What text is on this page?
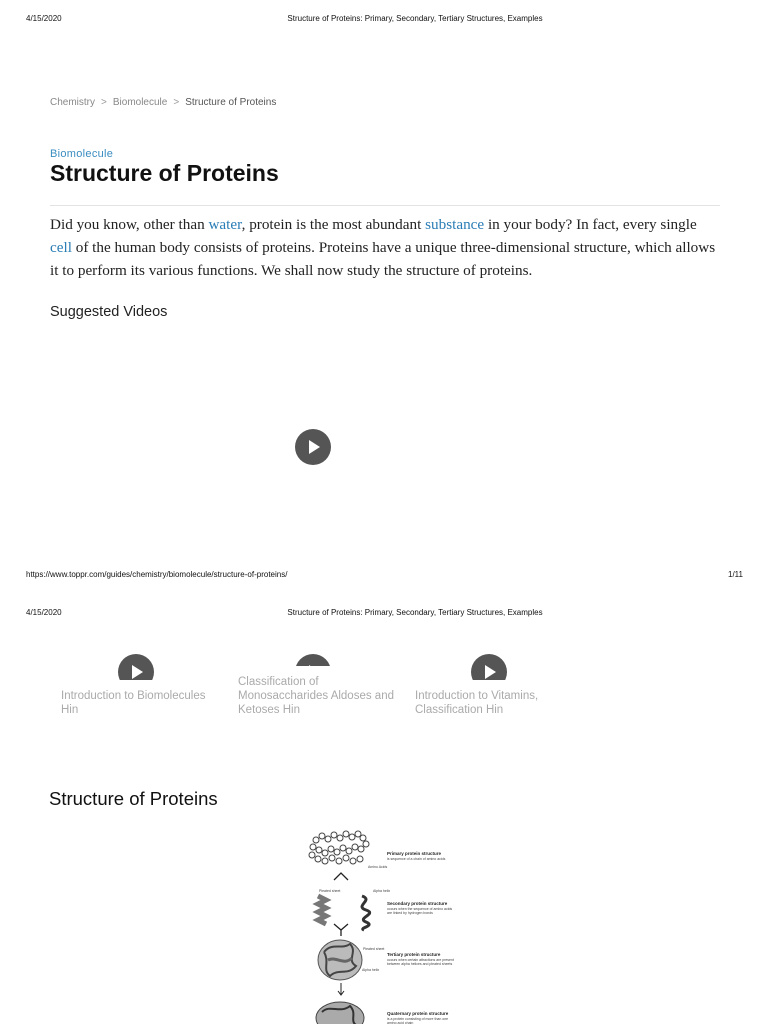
4/15/2020	Structure of Proteins: Primary, Secondary, Tertiary Structures, Examples
Chemistry > Biomolecule > Structure of Proteins
Biomolecule
Structure of Proteins

Did you know, other than water, protein is the most abundant substance in your body? In fact, every single cell of the human body consists of proteins. Proteins have a unique three-dimensional structure, which allows it to perform its various functions. We shall now study the structure of proteins.

Suggested Videos
https://www.toppr.com/guides/chemistry/biomolecule/structure-of-proteins/	1/11
4/15/2020	Structure of Proteins: Primary, Secondary, Tertiary Structures, Examples
Introduction to Biomolecules Hin
Classification of Monosaccharides Aldoses and Ketoses Hin
Introduction to Vitamins, Classification Hin
Structure of Proteins
Primary protein structure
is sequence of a chain of amino acids
Amino Acids
Pleated sheet	Alpha helix
Secondary protein structure
occurs when the sequence of amino acids
are linked by hydrogen bonds
Pleated sheet
Tertiary protein structure
occurs when certain attractions are present
between alpha helices and pleated sheets
Alpha helix
Quaternary protein structure
is a protein consisting of more than one
amino acid chain
